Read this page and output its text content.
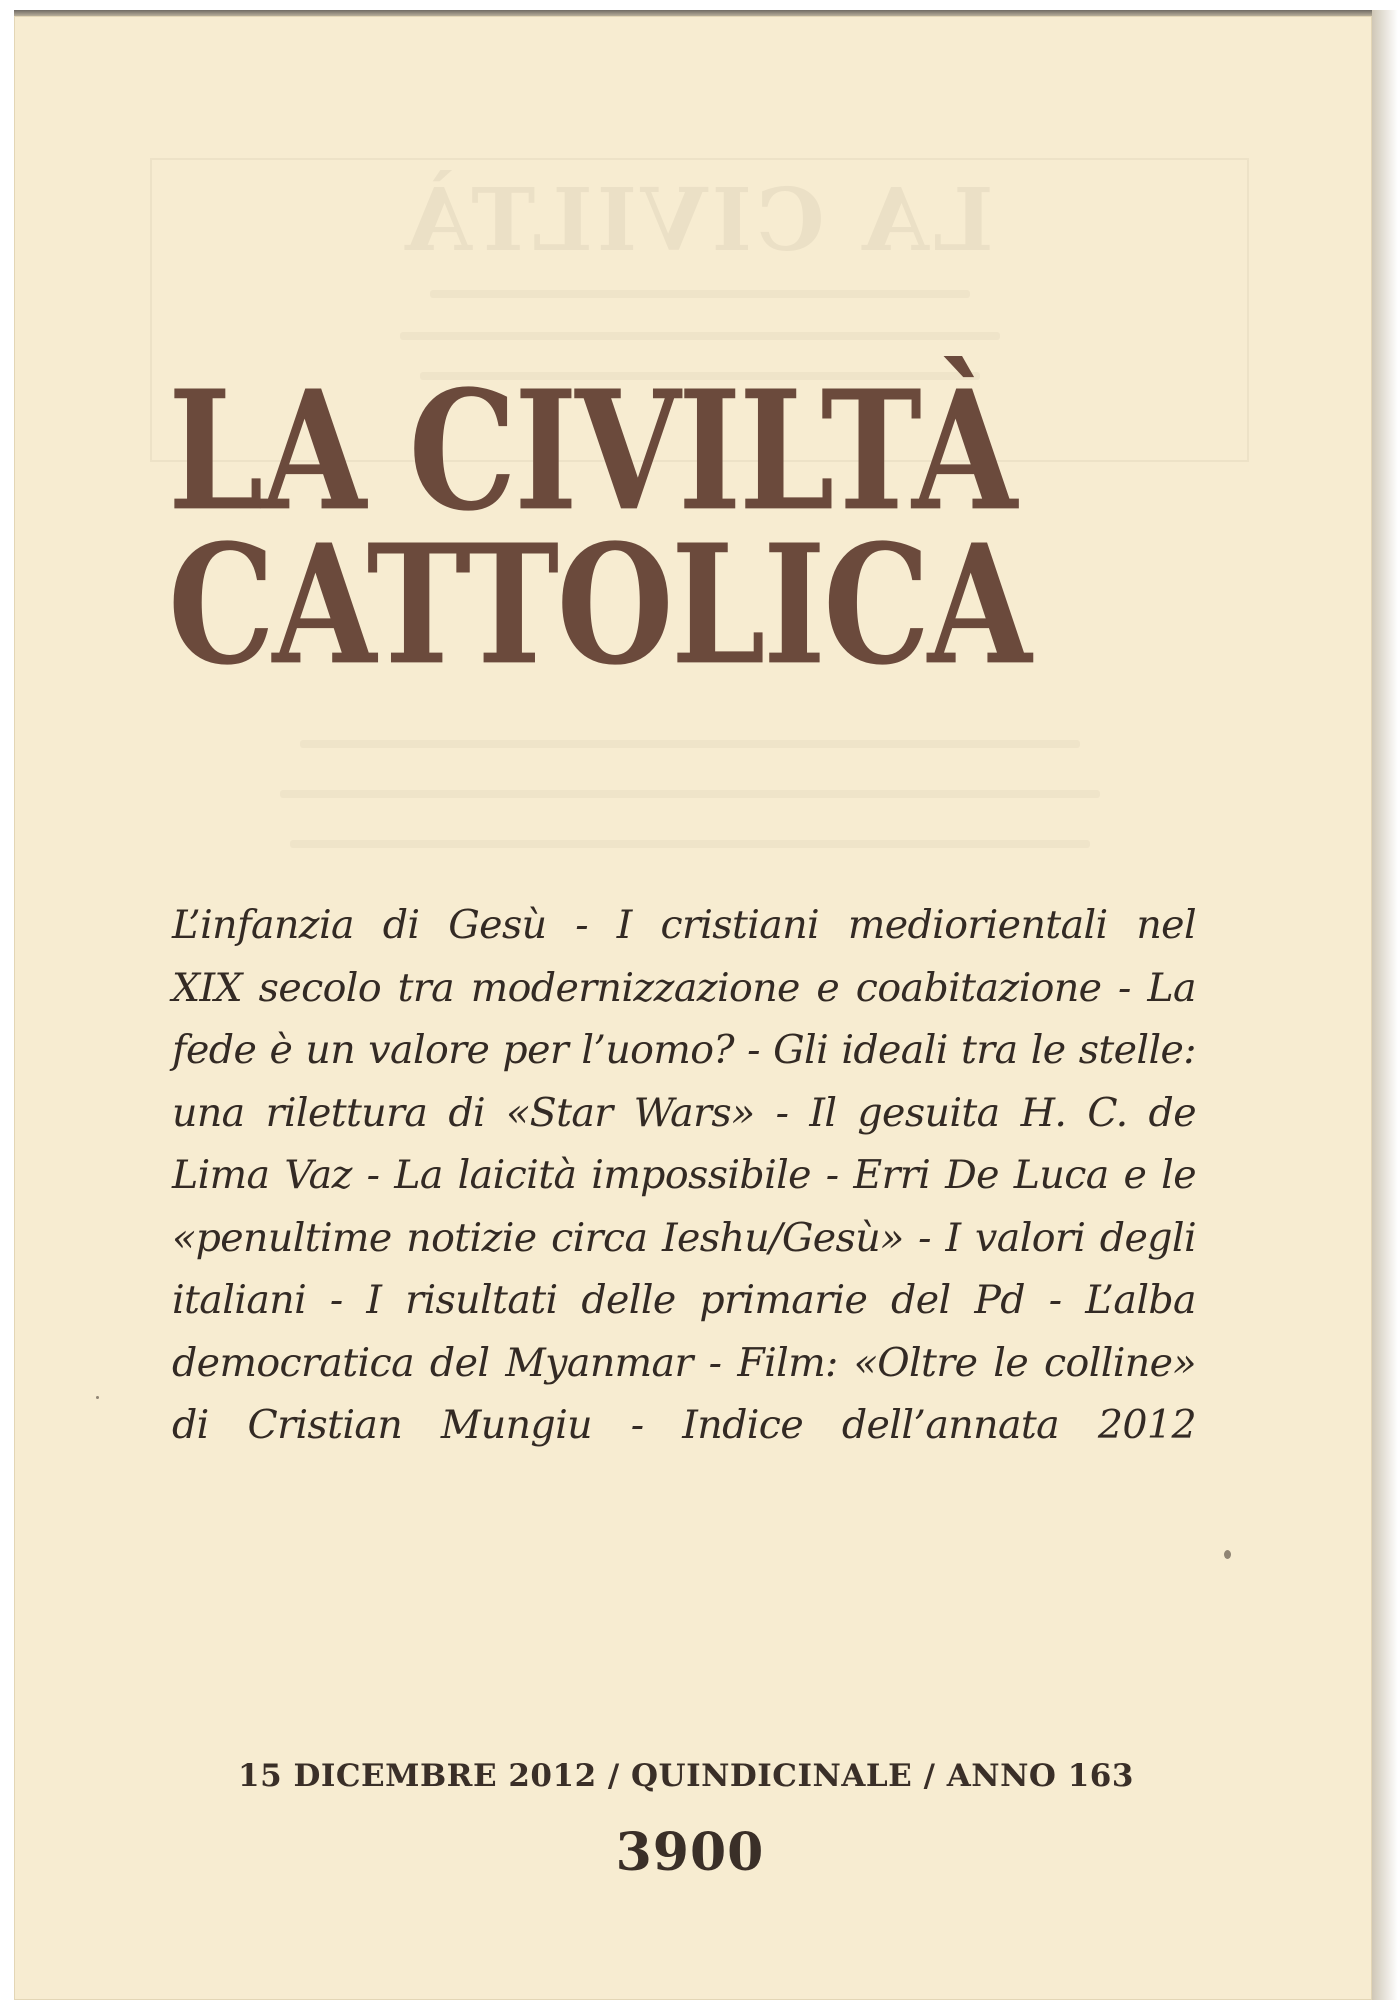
LA CIVILTÀ
LA CIVILTÀ
CATTOLICA

L’infanzia di Gesù - I cristiani mediorientali nel
XIX secolo tra modernizzazione e coabitazione - La
fede è un valore per l’uomo? - Gli ideali tra le stelle:
una rilettura di «Star Wars» - Il gesuita H. C. de
Lima Vaz - La laicità impossibile - Erri De Luca e le
«penultime notizie circa Ieshu/Gesù» - I valori degli
italiani - I risultati delle primarie del Pd - L’alba
democratica del Myanmar - Film: «Oltre le colline»
di Cristian Mungiu - Indice dell’annata 2012

15 DICEMBRE 2012 / QUINDICINALE / ANNO 163
3900
